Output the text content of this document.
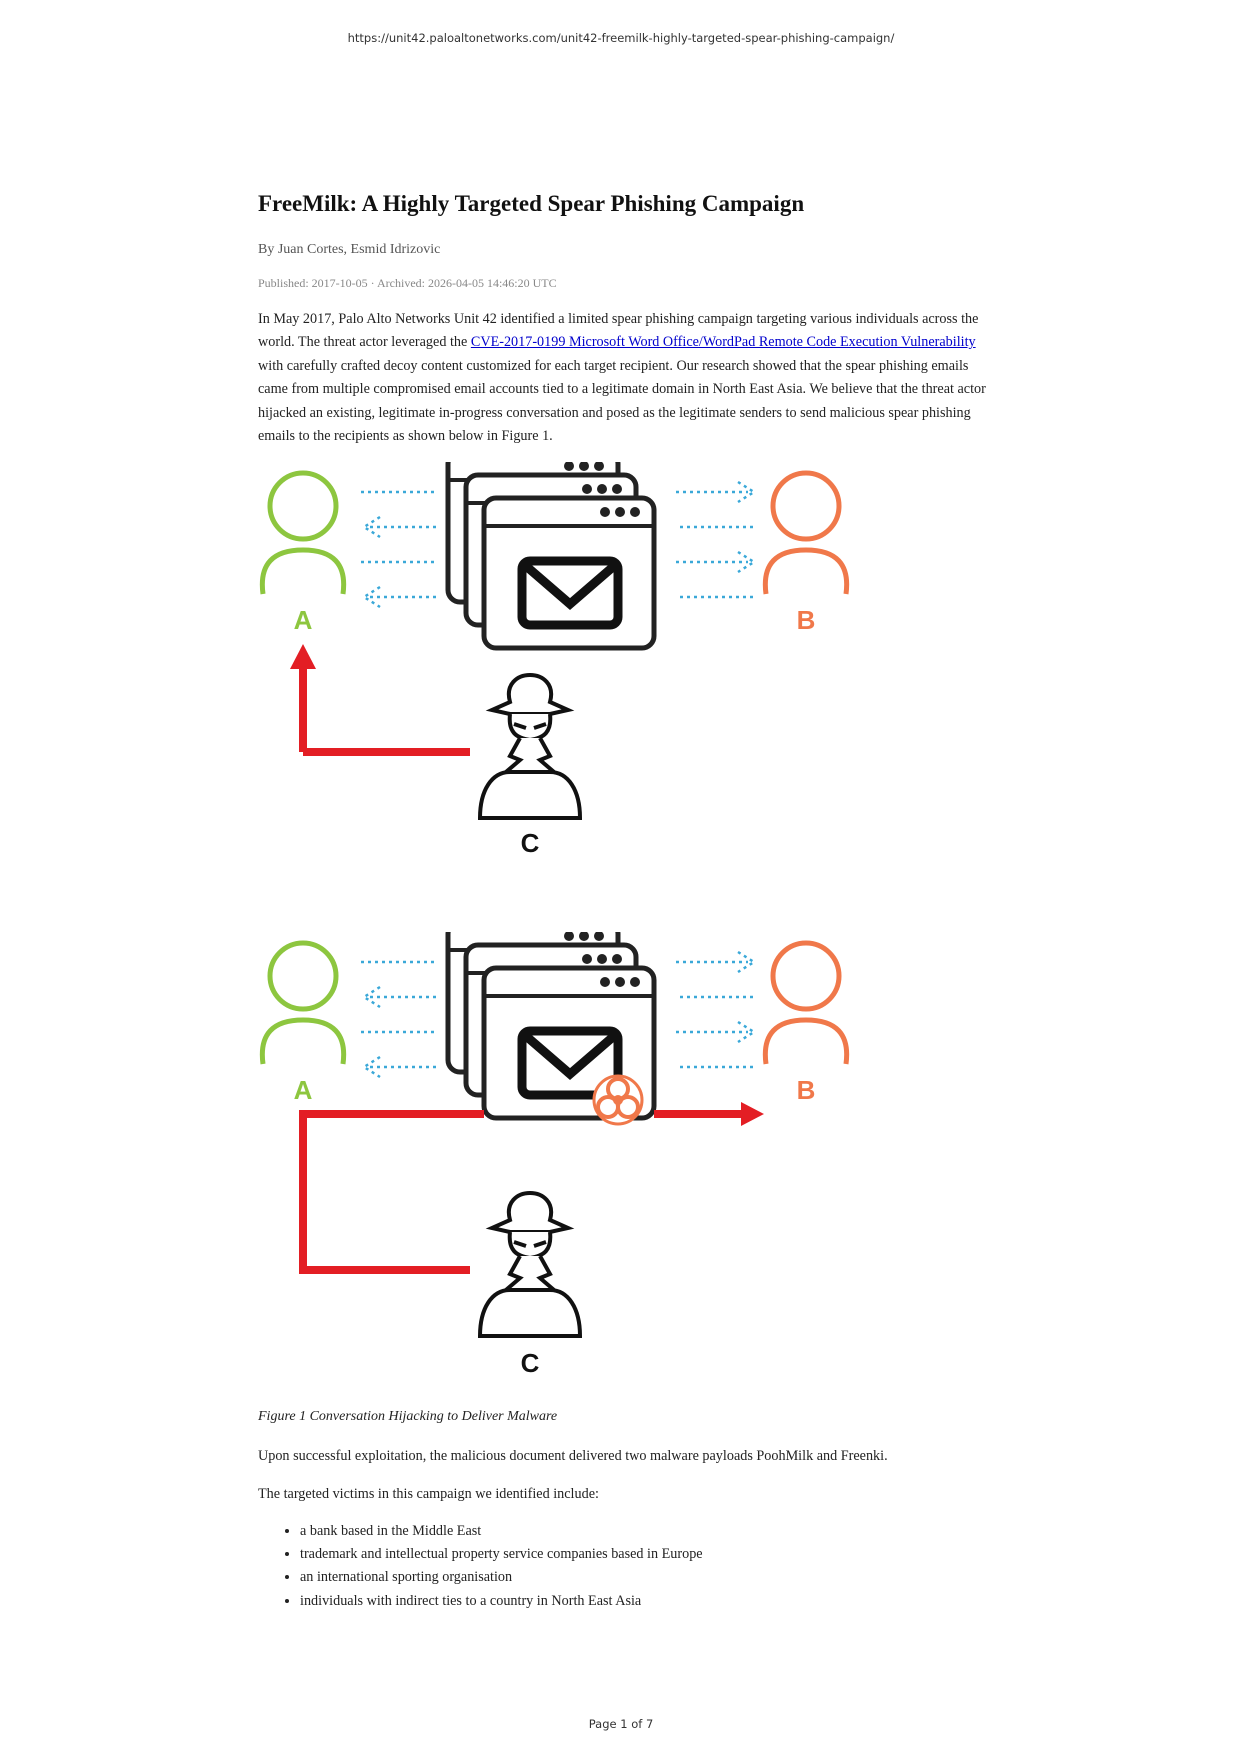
https://unit42.paloaltonetworks.com/unit42-freemilk-highly-targeted-spear-phishing-campaign/
FreeMilk: A Highly Targeted Spear Phishing Campaign
By Juan Cortes, Esmid Idrizovic
Published: 2017-10-05 · Archived: 2026-04-05 14:46:20 UTC

In May 2017, Palo Alto Networks Unit 42 identified a limited spear phishing campaign targeting various individuals across the world. The threat actor leveraged the CVE-2017-0199 Microsoft Word Office/WordPad Remote Code Execution Vulnerability with carefully crafted decoy content customized for each target recipient. Our research showed that the spear phishing emails came from multiple compromised email accounts tied to a legitimate domain in North East Asia. We believe that the threat actor hijacked an existing, legitimate in-progress conversation and posed as the legitimate senders to send malicious spear phishing emails to the recipients as shown below in Figure 1.

A	B
C
A	B
C

Figure 1 Conversation Hijacking to Deliver Malware

Upon successful exploitation, the malicious document delivered two malware payloads PoohMilk and Freenki.

The targeted victims in this campaign we identified include:

• a bank based in the Middle East
• trademark and intellectual property service companies based in Europe
• an international sporting organisation
• individuals with indirect ties to a country in North East Asia
Page 1 of 7
